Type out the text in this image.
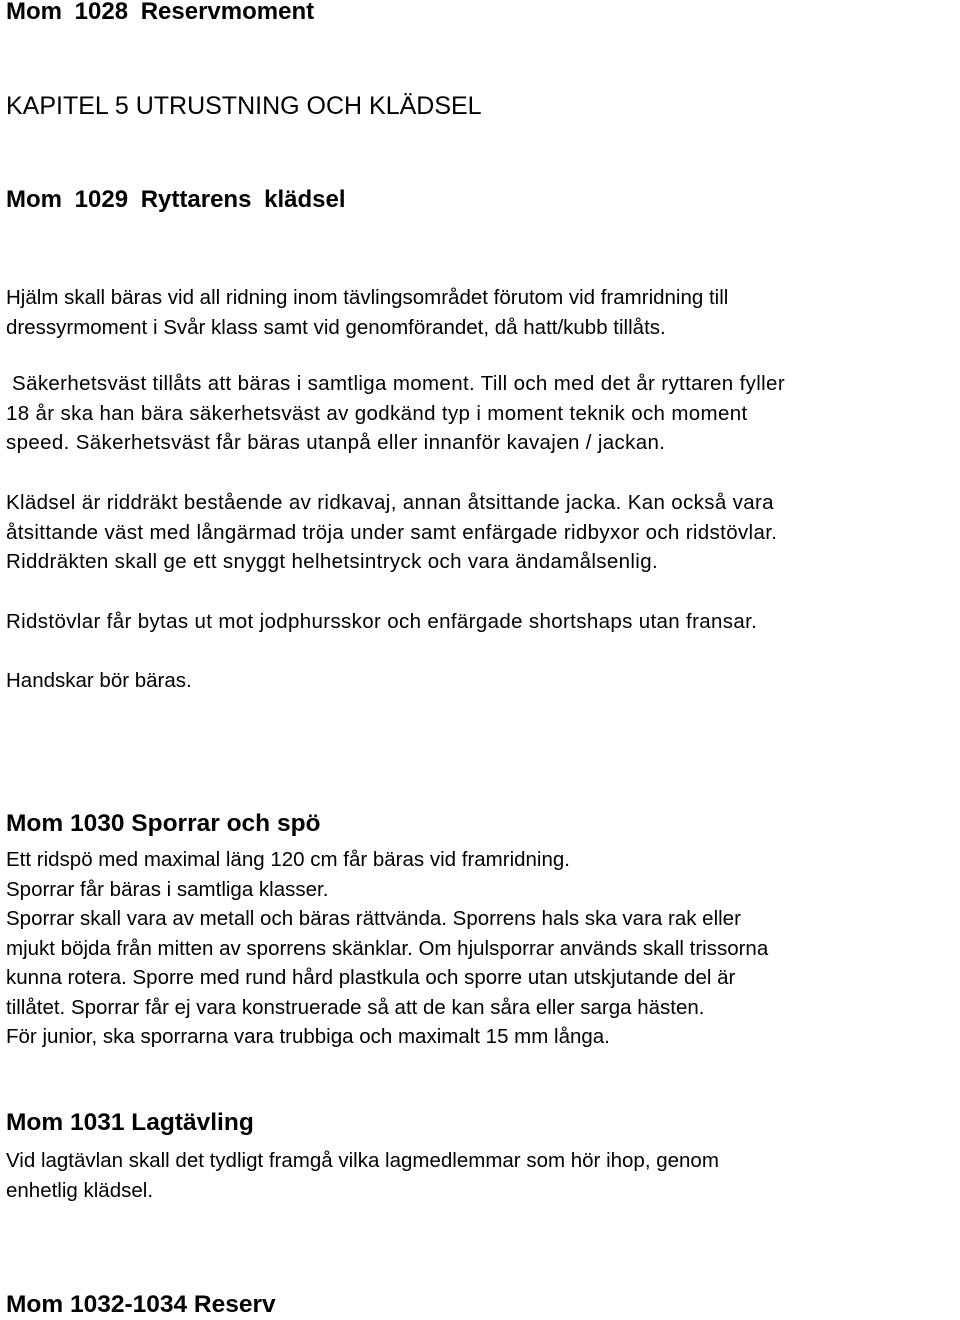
Mom 1028 Reservmoment
KAPITEL 5 UTRUSTNING OCH KLÄDSEL
Mom 1029 Ryttarens klädsel

Hjälm skall bäras vid all ridning inom tävlingsområdet förutom vid framridning till
dressyrmoment i Svår klass samt vid genomförandet, då hatt/kubb tillåts.

Säkerhetsväst tillåts att bäras i samtliga moment. Till och med det år ryttaren fyller
18 år ska han bära säkerhetsväst av godkänd typ i moment teknik och moment
speed. Säkerhetsväst får bäras utanpå eller innanför kavajen / jackan.

Klädsel är riddräkt bestående av ridkavaj, annan åtsittande jacka. Kan också vara
åtsittande väst med långärmad tröja under samt enfärgade ridbyxor och ridstövlar.
Riddräkten skall ge ett snyggt helhetsintryck och vara ändamålsenlig.

Ridstövlar får bytas ut mot jodphursskor och enfärgade shortshaps utan fransar.

Handskar bör bäras.

Mom 1030 Sporrar och spö

Ett ridspö med maximal läng 120 cm får bäras vid framridning.
Sporrar får bäras i samtliga klasser.
Sporrar skall vara av metall och bäras rättvända. Sporrens hals ska vara rak eller
mjukt böjda från mitten av sporrens skänklar. Om hjulsporrar används skall trissorna
kunna rotera. Sporre med rund hård plastkula och sporre utan utskjutande del är
tillåtet. Sporrar får ej vara konstruerade så att de kan såra eller sarga hästen.
För junior, ska sporrarna vara trubbiga och maximalt 15 mm långa.

Mom 1031 Lagtävling

Vid lagtävlan skall det tydligt framgå vilka lagmedlemmar som hör ihop, genom
enhetlig klädsel.

Mom 1032-1034 Reserv
